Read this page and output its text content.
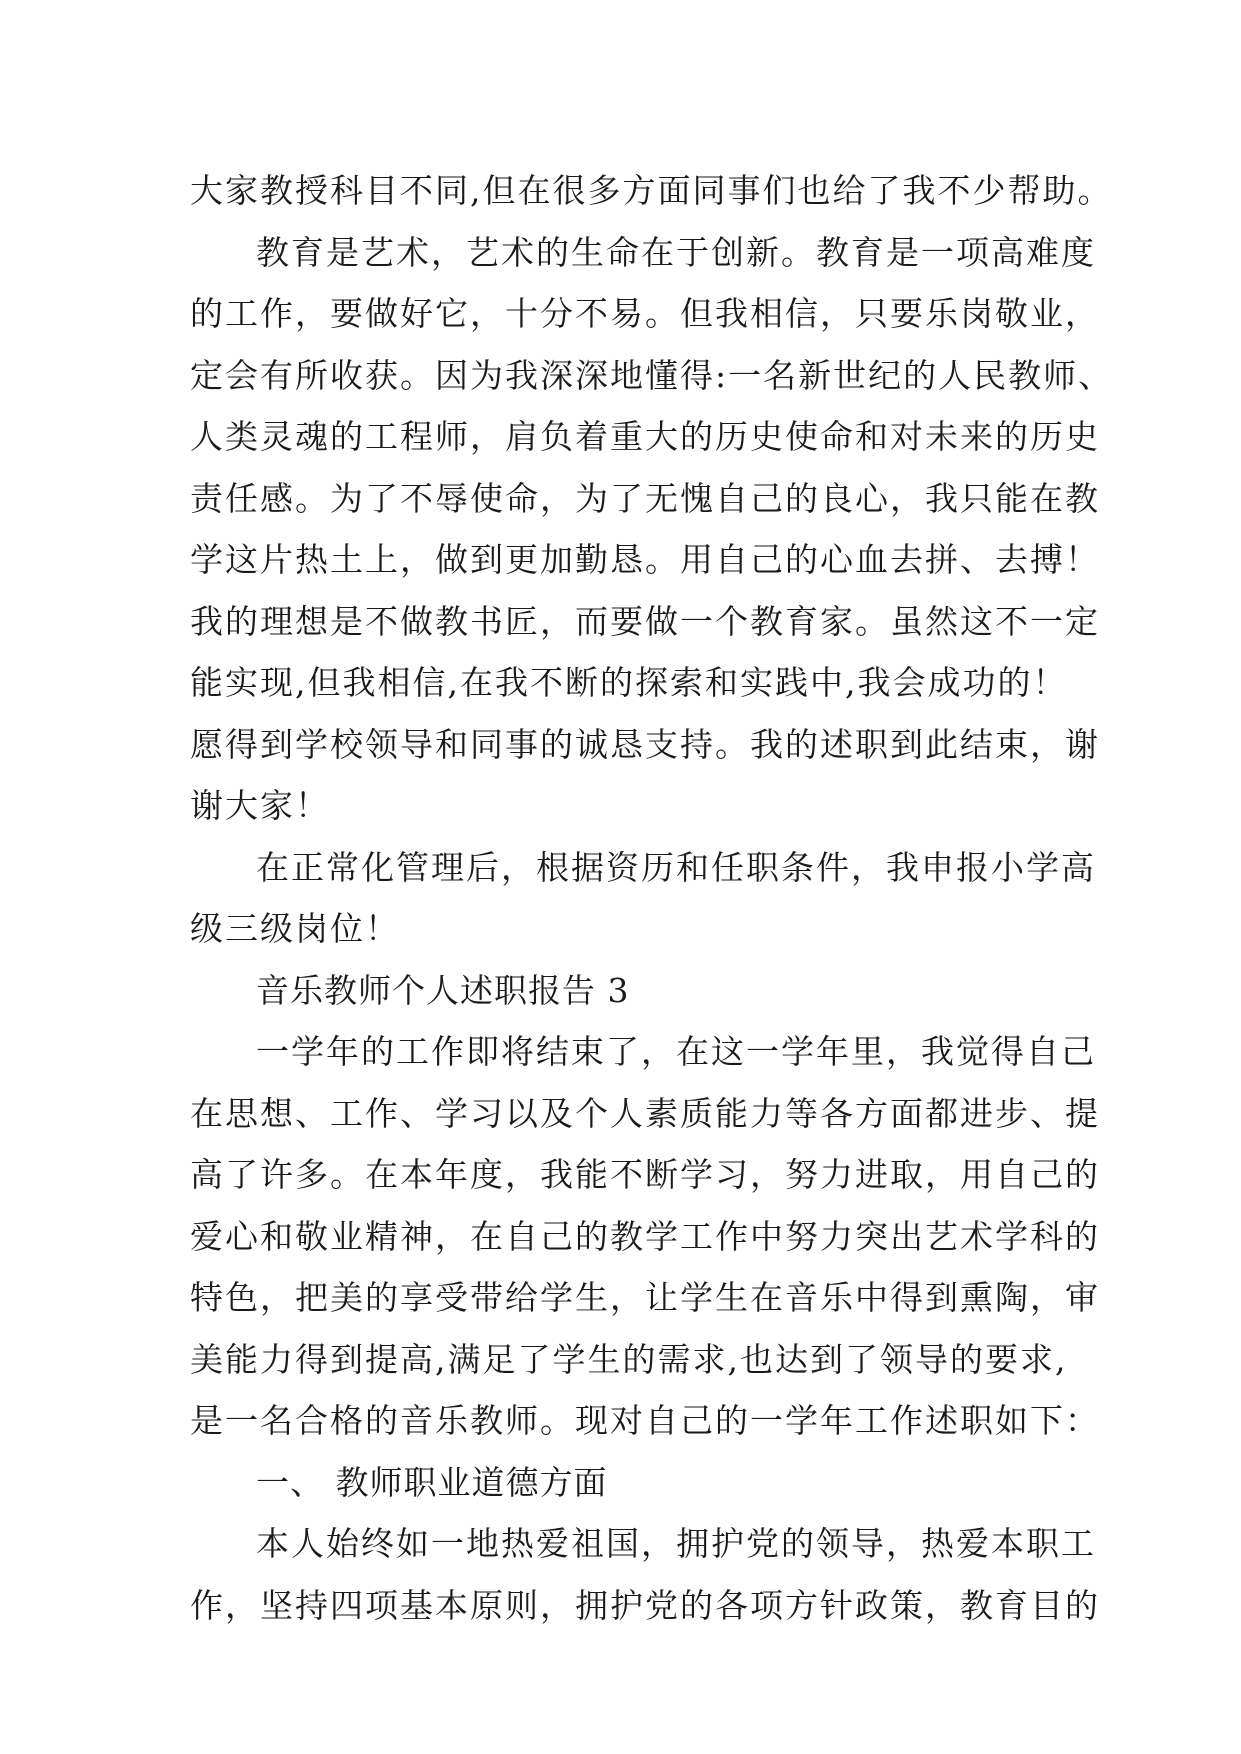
大家教授科目不同,但在很多方面同事们也给了我不少帮助。
教育是艺术，艺术的生命在于创新。教育是一项高难度
的工作，要做好它，十分不易。但我相信，只要乐岗敬业，
定会有所收获。因为我深深地懂得:一名新世纪的人民教师、
人类灵魂的工程师，肩负着重大的历史使命和对未来的历史
责任感。为了不辱使命，为了无愧自己的良心，我只能在教
学这片热土上，做到更加勤恳。用自己的心血去拼、去搏！
我的理想是不做教书匠，而要做一个教育家。虽然这不一定
能实现,但我相信,在我不断的探索和实践中,我会成功的！
愿得到学校领导和同事的诚恳支持。我的述职到此结束，谢
谢大家！
在正常化管理后，根据资历和任职条件，我申报小学高
级三级岗位！
音乐教师个人述职报告 3
一学年的工作即将结束了，在这一学年里，我觉得自己
在思想、工作、学习以及个人素质能力等各方面都进步、提
高了许多。在本年度，我能不断学习，努力进取，用自己的
爱心和敬业精神，在自己的教学工作中努力突出艺术学科的
特色，把美的享受带给学生，让学生在音乐中得到熏陶，审
美能力得到提高,满足了学生的需求,也达到了领导的要求,
是一名合格的音乐教师。现对自己的一学年工作述职如下：
一、 教师职业道德方面
本人始终如一地热爱祖国，拥护党的领导，热爱本职工
作，坚持四项基本原则，拥护党的各项方针政策，教育目的
